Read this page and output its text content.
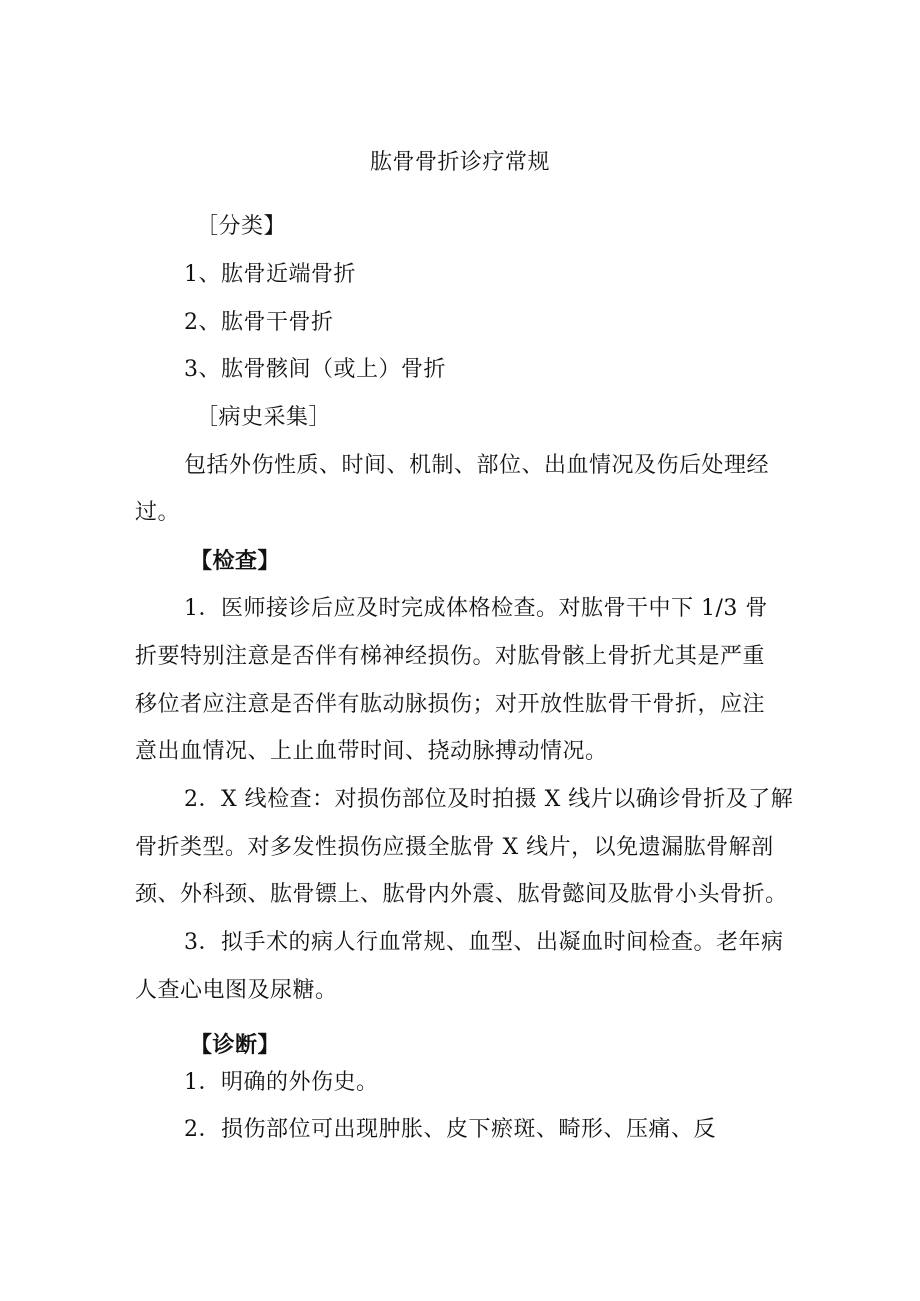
肱骨骨折诊疗常规
［分类】
1、肱骨近端骨折
2、肱骨干骨折
3、肱骨骸间（或上）骨折
［病史采集］
包括外伤性质、时间、机制、部位、出血情况及伤后处理经
过。
【检查】
1．医师接诊后应及时完成体格检查。对肱骨干中下 1/3 骨
折要特别注意是否伴有梯神经损伤。对肱骨骸上骨折尤其是严重
移位者应注意是否伴有肱动脉损伤；对开放性肱骨干骨折，应注
意出血情况、上止血带时间、挠动脉搏动情况。
2．X 线检查：对损伤部位及时拍摄 X 线片以确诊骨折及了解
骨折类型。对多发性损伤应摄全肱骨 X 线片，以免遗漏肱骨解剖
颈、外科颈、肱骨镖上、肱骨内外震、肱骨懿间及肱骨小头骨折。
3．拟手术的病人行血常规、血型、出凝血时间检查。老年病
人查心电图及尿糖。
【诊断】
1．明确的外伤史。
2．损伤部位可出现肿胀、皮下瘀斑、畸形、压痛、反
